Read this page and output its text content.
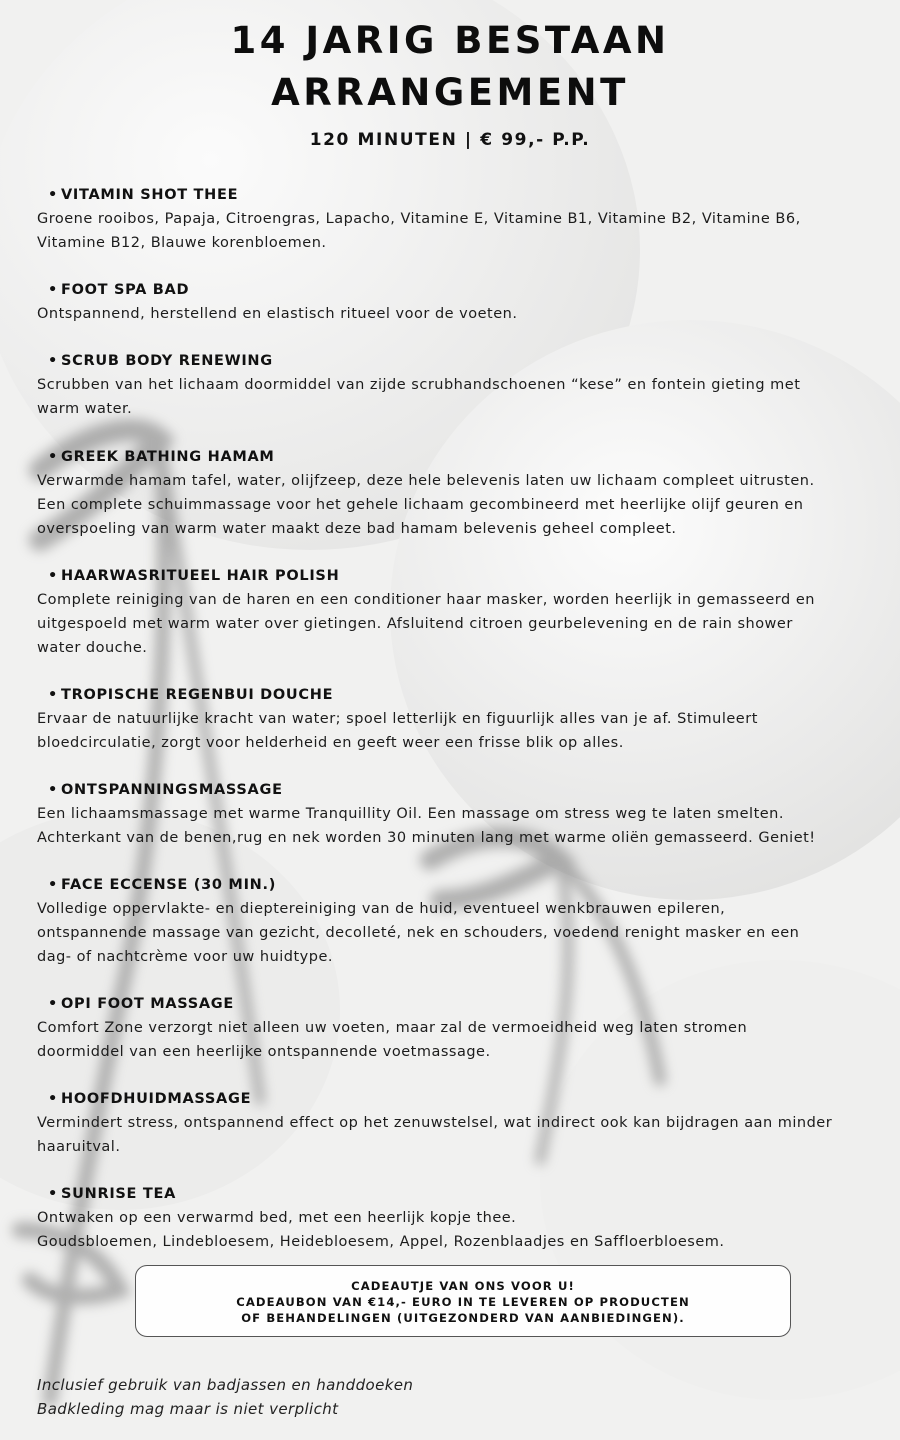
14 JARIG BESTAAN
ARRANGEMENT
120 MINUTEN | € 99,- P.P.
• VITAMIN SHOT THEE
Groene rooibos, Papaja, Citroengras, Lapacho, Vitamine E, Vitamine B1, Vitamine B2, Vitamine B6,
Vitamine B12, Blauwe korenbloemen.
• FOOT SPA BAD
Ontspannend, herstellend en elastisch ritueel voor de voeten.
• SCRUB BODY RENEWING
Scrubben van het lichaam doormiddel van zijde scrubhandschoenen “kese” en fontein gieting met
warm water.
• GREEK BATHING HAMAM
Verwarmde hamam tafel, water, olijfzeep, deze hele belevenis laten uw lichaam compleet uitrusten.
Een complete schuimmassage voor het gehele lichaam gecombineerd met heerlijke olijf geuren en
overspoeling van warm water maakt deze bad hamam belevenis geheel compleet.
• HAARWASRITUEEL HAIR POLISH
Complete reiniging van de haren en een conditioner haar masker, worden heerlijk in gemasseerd en
uitgespoeld met warm water over gietingen. Afsluitend citroen geurbelevening en de rain shower
water douche.
• TROPISCHE REGENBUI DOUCHE
Ervaar de natuurlijke kracht van water; spoel letterlijk en figuurlijk alles van je af. Stimuleert
bloedcirculatie, zorgt voor helderheid en geeft weer een frisse blik op alles.
• ONTSPANNINGSMASSAGE
Een lichaamsmassage met warme Tranquillity Oil. Een massage om stress weg te laten smelten.
Achterkant van de benen,rug en nek worden 30 minuten lang met warme oliën gemasseerd. Geniet!
• FACE ECCENSE (30 MIN.)
Volledige oppervlakte- en dieptereiniging van de huid, eventueel wenkbrauwen epileren,
ontspannende massage van gezicht, decolleté, nek en schouders, voedend renight masker en een
dag- of nachtcrème voor uw huidtype.
• OPI FOOT MASSAGE
Comfort Zone verzorgt niet alleen uw voeten, maar zal de vermoeidheid weg laten stromen
doormiddel van een heerlijke ontspannende voetmassage.
• HOOFDHUIDMASSAGE
Vermindert stress, ontspannend effect op het zenuwstelsel, wat indirect ook kan bijdragen aan minder
haaruitval.
• SUNRISE TEA
Ontwaken op een verwarmd bed, met een heerlijk kopje thee.
Goudsbloemen, Lindebloesem, Heidebloesem, Appel, Rozenblaadjes en Saffloerbloesem.
CADEAUTJE VAN ONS VOOR U!
CADEAUBON VAN €14,- EURO IN TE LEVEREN OP PRODUCTEN
OF BEHANDELINGEN (UITGEZONDERD VAN AANBIEDINGEN).
Inclusief gebruik van badjassen en handdoeken
Badkleding mag maar is niet verplicht
